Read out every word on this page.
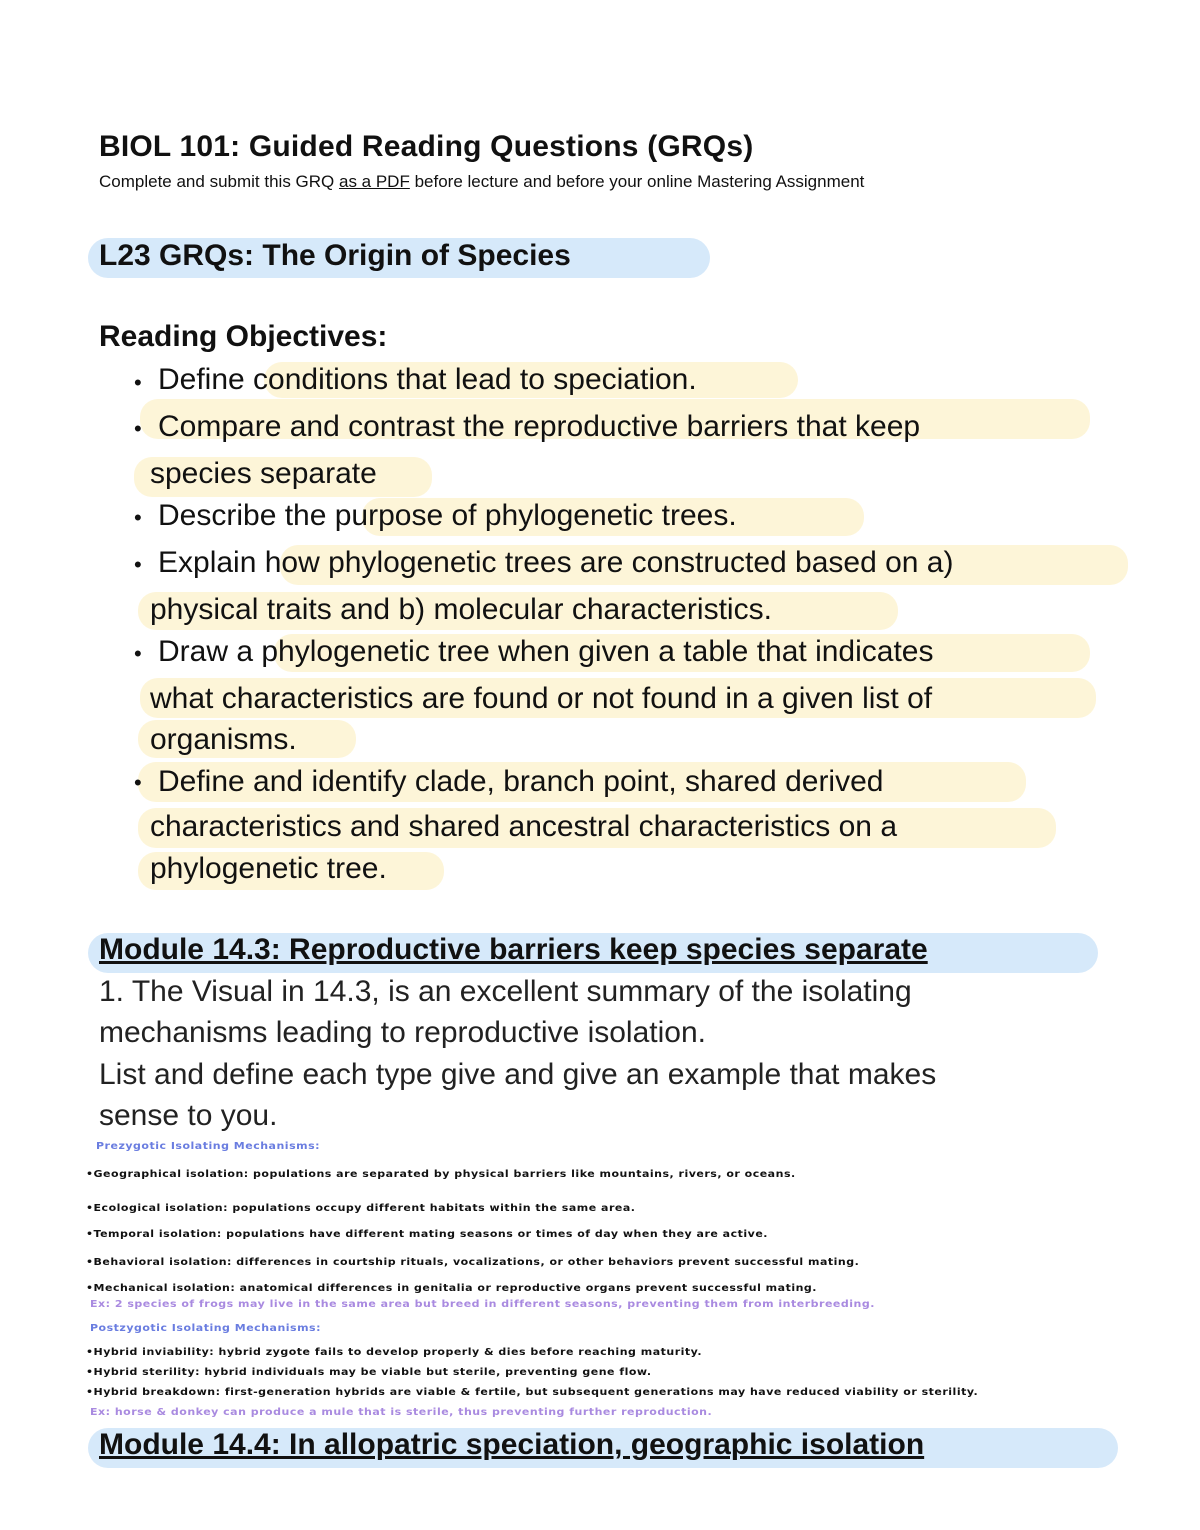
BIOL 101: Guided Reading Questions (GRQs)
Complete and submit this GRQ as a PDF before lecture and before your online Mastering Assignment
L23 GRQs: The Origin of Species
Reading Objectives:
•
•
•
•
•
•
Define conditions that lead to speciation.
Compare and contrast the reproductive barriers that keep
species separate
Describe the purpose of phylogenetic trees.
Explain how phylogenetic trees are constructed based on a)
physical traits and b) molecular characteristics.
Draw a phylogenetic tree when given a table that indicates
what characteristics are found or not found in a given list of
organisms.
Define and identify clade, branch point, shared derived
characteristics and shared ancestral characteristics on a
phylogenetic tree.
Module 14.3: Reproductive barriers keep species separate
1. The Visual in 14.3, is an excellent summary of the isolating
mechanisms leading to reproductive isolation.
List and define each type give and give an example that makes
sense to you.
Prezygotic Isolating Mechanisms:
•Geographical isolation: populations are separated by physical barriers like mountains, rivers, or oceans.
•Ecological isolation: populations occupy different habitats within the same area.
•Temporal isolation: populations have different mating seasons or times of day when they are active.
•Behavioral isolation: differences in courtship rituals, vocalizations, or other behaviors prevent successful mating.
•Mechanical isolation: anatomical differences in genitalia or reproductive organs prevent successful mating.
Ex: 2 species of frogs may live in the same area but breed in different seasons, preventing them from interbreeding.
Postzygotic Isolating Mechanisms:
•Hybrid inviability: hybrid zygote fails to develop properly & dies before reaching maturity.
•Hybrid sterility: hybrid individuals may be viable but sterile, preventing gene flow.
•Hybrid breakdown: first-generation hybrids are viable & fertile, but subsequent generations may have reduced viability or sterility.
Ex: horse & donkey can produce a mule that is sterile, thus preventing further reproduction.
Module 14.4: In allopatric speciation, geographic isolation
